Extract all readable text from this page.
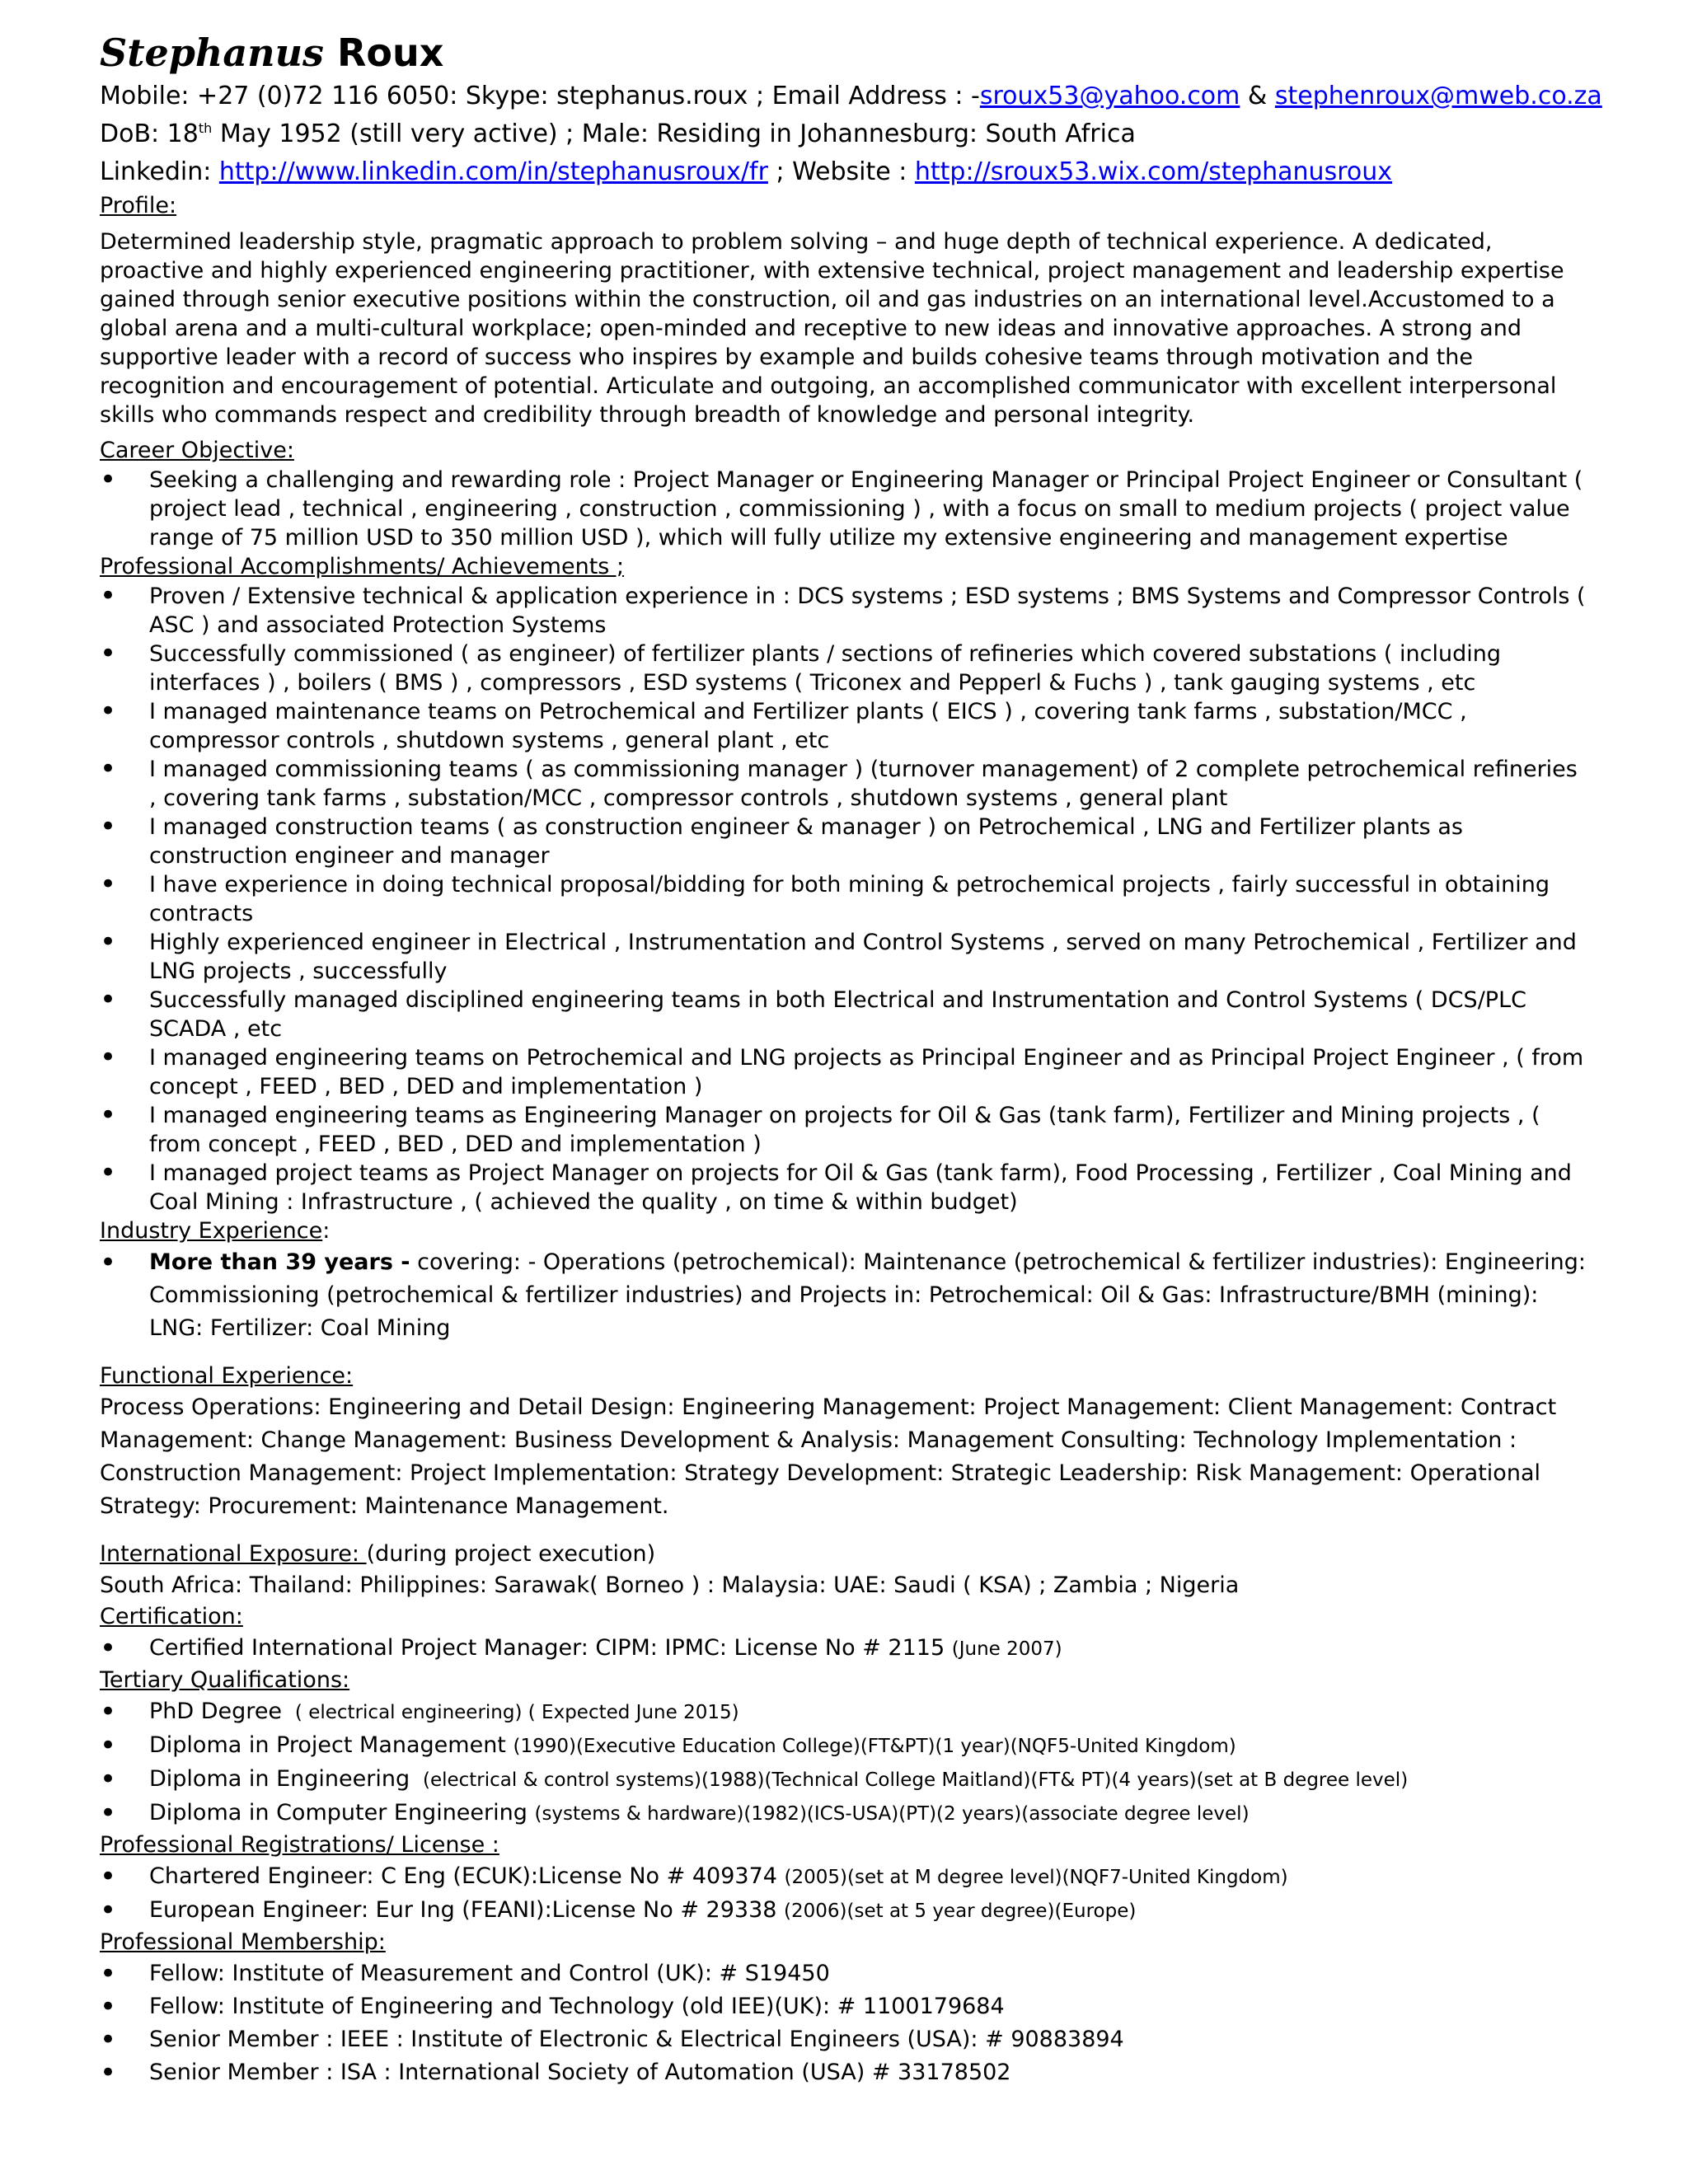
Stephanus Roux
Mobile: +27 (0)72 116 6050: Skype: stephanus.roux ; Email Address : -sroux53@yahoo.com & stephenroux@mweb.co.za
DoB: 18th May 1952 (still very active) ; Male: Residing in Johannesburg: South Africa
Linkedin: http://www.linkedin.com/in/stephanusroux/fr ; Website : http://sroux53.wix.com/stephanusroux
Profile:
Determined leadership style, pragmatic approach to problem solving – and huge depth of technical experience. A dedicated, proactive and highly experienced engineering practitioner, with extensive technical, project management and leadership expertise gained through senior executive positions within the construction, oil and gas industries on an international level.Accustomed to a global arena and a multi-cultural workplace; open-minded and receptive to new ideas and innovative approaches. A strong and supportive leader with a record of success who inspires by example and builds cohesive teams through motivation and the recognition and encouragement of potential. Articulate and outgoing, an accomplished communicator with excellent interpersonal skills who commands respect and credibility through breadth of knowledge and personal integrity.
Career Objective:
• Seeking a challenging and rewarding role : Project Manager or Engineering Manager or Principal Project Engineer or Consultant ( project lead , technical , engineering , construction , commissioning ) , with a focus on small to medium projects ( project value range of 75 million USD to 350 million USD ), which will fully utilize my extensive engineering and management expertise
Professional Accomplishments/ Achievements ;
• Proven / Extensive technical & application experience in : DCS systems ; ESD systems ; BMS Systems and Compressor Controls ( ASC ) and associated Protection Systems
• Successfully commissioned ( as engineer) of fertilizer plants / sections of refineries which covered substations ( including interfaces ) , boilers ( BMS ) , compressors , ESD systems ( Triconex and Pepperl & Fuchs ) , tank gauging systems , etc
• I managed maintenance teams on Petrochemical and Fertilizer plants ( EICS ) , covering tank farms , substation/MCC , compressor controls , shutdown systems , general plant , etc
• I managed commissioning teams ( as commissioning manager ) (turnover management) of 2 complete petrochemical refineries , covering tank farms , substation/MCC , compressor controls , shutdown systems , general plant
• I managed construction teams ( as construction engineer & manager ) on Petrochemical , LNG and Fertilizer plants as construction engineer and manager
• I have experience in doing technical proposal/bidding for both mining & petrochemical projects , fairly successful in obtaining contracts
• Highly experienced engineer in Electrical , Instrumentation and Control Systems , served on many Petrochemical , Fertilizer and LNG projects , successfully
• Successfully managed disciplined engineering teams in both Electrical and Instrumentation and Control Systems ( DCS/PLC SCADA , etc
• I managed engineering teams on Petrochemical and LNG projects as Principal Engineer and as Principal Project Engineer , ( from concept , FEED , BED , DED and implementation )
• I managed engineering teams as Engineering Manager on projects for Oil & Gas (tank farm), Fertilizer and Mining projects , ( from concept , FEED , BED , DED and implementation )
• I managed project teams as Project Manager on projects for Oil & Gas (tank farm), Food Processing , Fertilizer , Coal Mining and Coal Mining : Infrastructure , ( achieved the quality , on time & within budget)
Industry Experience:
• More than 39 years - covering: - Operations (petrochemical): Maintenance (petrochemical & fertilizer industries): Engineering: Commissioning (petrochemical & fertilizer industries) and Projects in: Petrochemical: Oil & Gas: Infrastructure/BMH (mining): LNG: Fertilizer: Coal Mining
Functional Experience:
Process Operations: Engineering and Detail Design: Engineering Management: Project Management: Client Management: Contract Management: Change Management: Business Development & Analysis: Management Consulting: Technology Implementation : Construction Management: Project Implementation: Strategy Development: Strategic Leadership: Risk Management: Operational Strategy: Procurement: Maintenance Management.
International Exposure: (during project execution)
South Africa: Thailand: Philippines: Sarawak( Borneo ) : Malaysia: UAE: Saudi ( KSA) ; Zambia ; Nigeria
Certification:
• Certified International Project Manager: CIPM: IPMC: License No # 2115 (June 2007)
Tertiary Qualifications:
• PhD Degree  ( electrical engineering) ( Expected June 2015)
• Diploma in Project Management (1990)(Executive Education College)(FT&PT)(1 year)(NQF5-United Kingdom)
• Diploma in Engineering  (electrical & control systems)(1988)(Technical College Maitland)(FT& PT)(4 years)(set at B degree level)
• Diploma in Computer Engineering (systems & hardware)(1982)(ICS-USA)(PT)(2 years)(associate degree level)
Professional Registrations/ License :
• Chartered Engineer: C Eng (ECUK):License No # 409374 (2005)(set at M degree level)(NQF7-United Kingdom)
• European Engineer: Eur Ing (FEANI):License No # 29338 (2006)(set at 5 year degree)(Europe)
Professional Membership:
• Fellow: Institute of Measurement and Control (UK): # S19450
• Fellow: Institute of Engineering and Technology (old IEE)(UK): # 1100179684
• Senior Member : IEEE : Institute of Electronic & Electrical Engineers (USA): # 90883894
• Senior Member : ISA : International Society of Automation (USA) # 33178502
